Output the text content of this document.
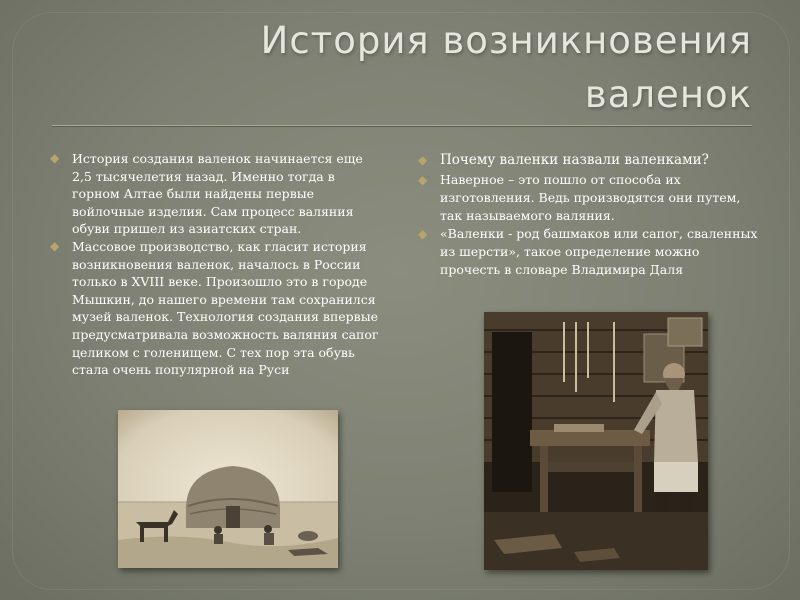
История возникновения валенок

◆ История создания валенок начинается еще 2,5 тысячелетия назад. Именно тогда в горном Алтае были найдены первые войлочные изделия. Сам процесс валяния обуви пришел из азиатских стран.

◆ Массовое производство, как гласит история возникновения валенок, началось в России только в XVIII веке. Произошло это в городе Мышкин, до нашего времени там сохранился музей валенок. Технология создания впервые предусматривала возможность валяния сапог целиком с голенищем. С тех пор эта обувь стала очень популярной на Руси

◆ Почему валенки назвали валенками?

◆ Наверное – это пошло от способа их изготовления. Ведь производятся они путем, так называемого валяния.

◆ «Валенки - род башмаков или сапог, сваленных из шерсти», такое определение можно прочесть в словаре Владимира Даля
